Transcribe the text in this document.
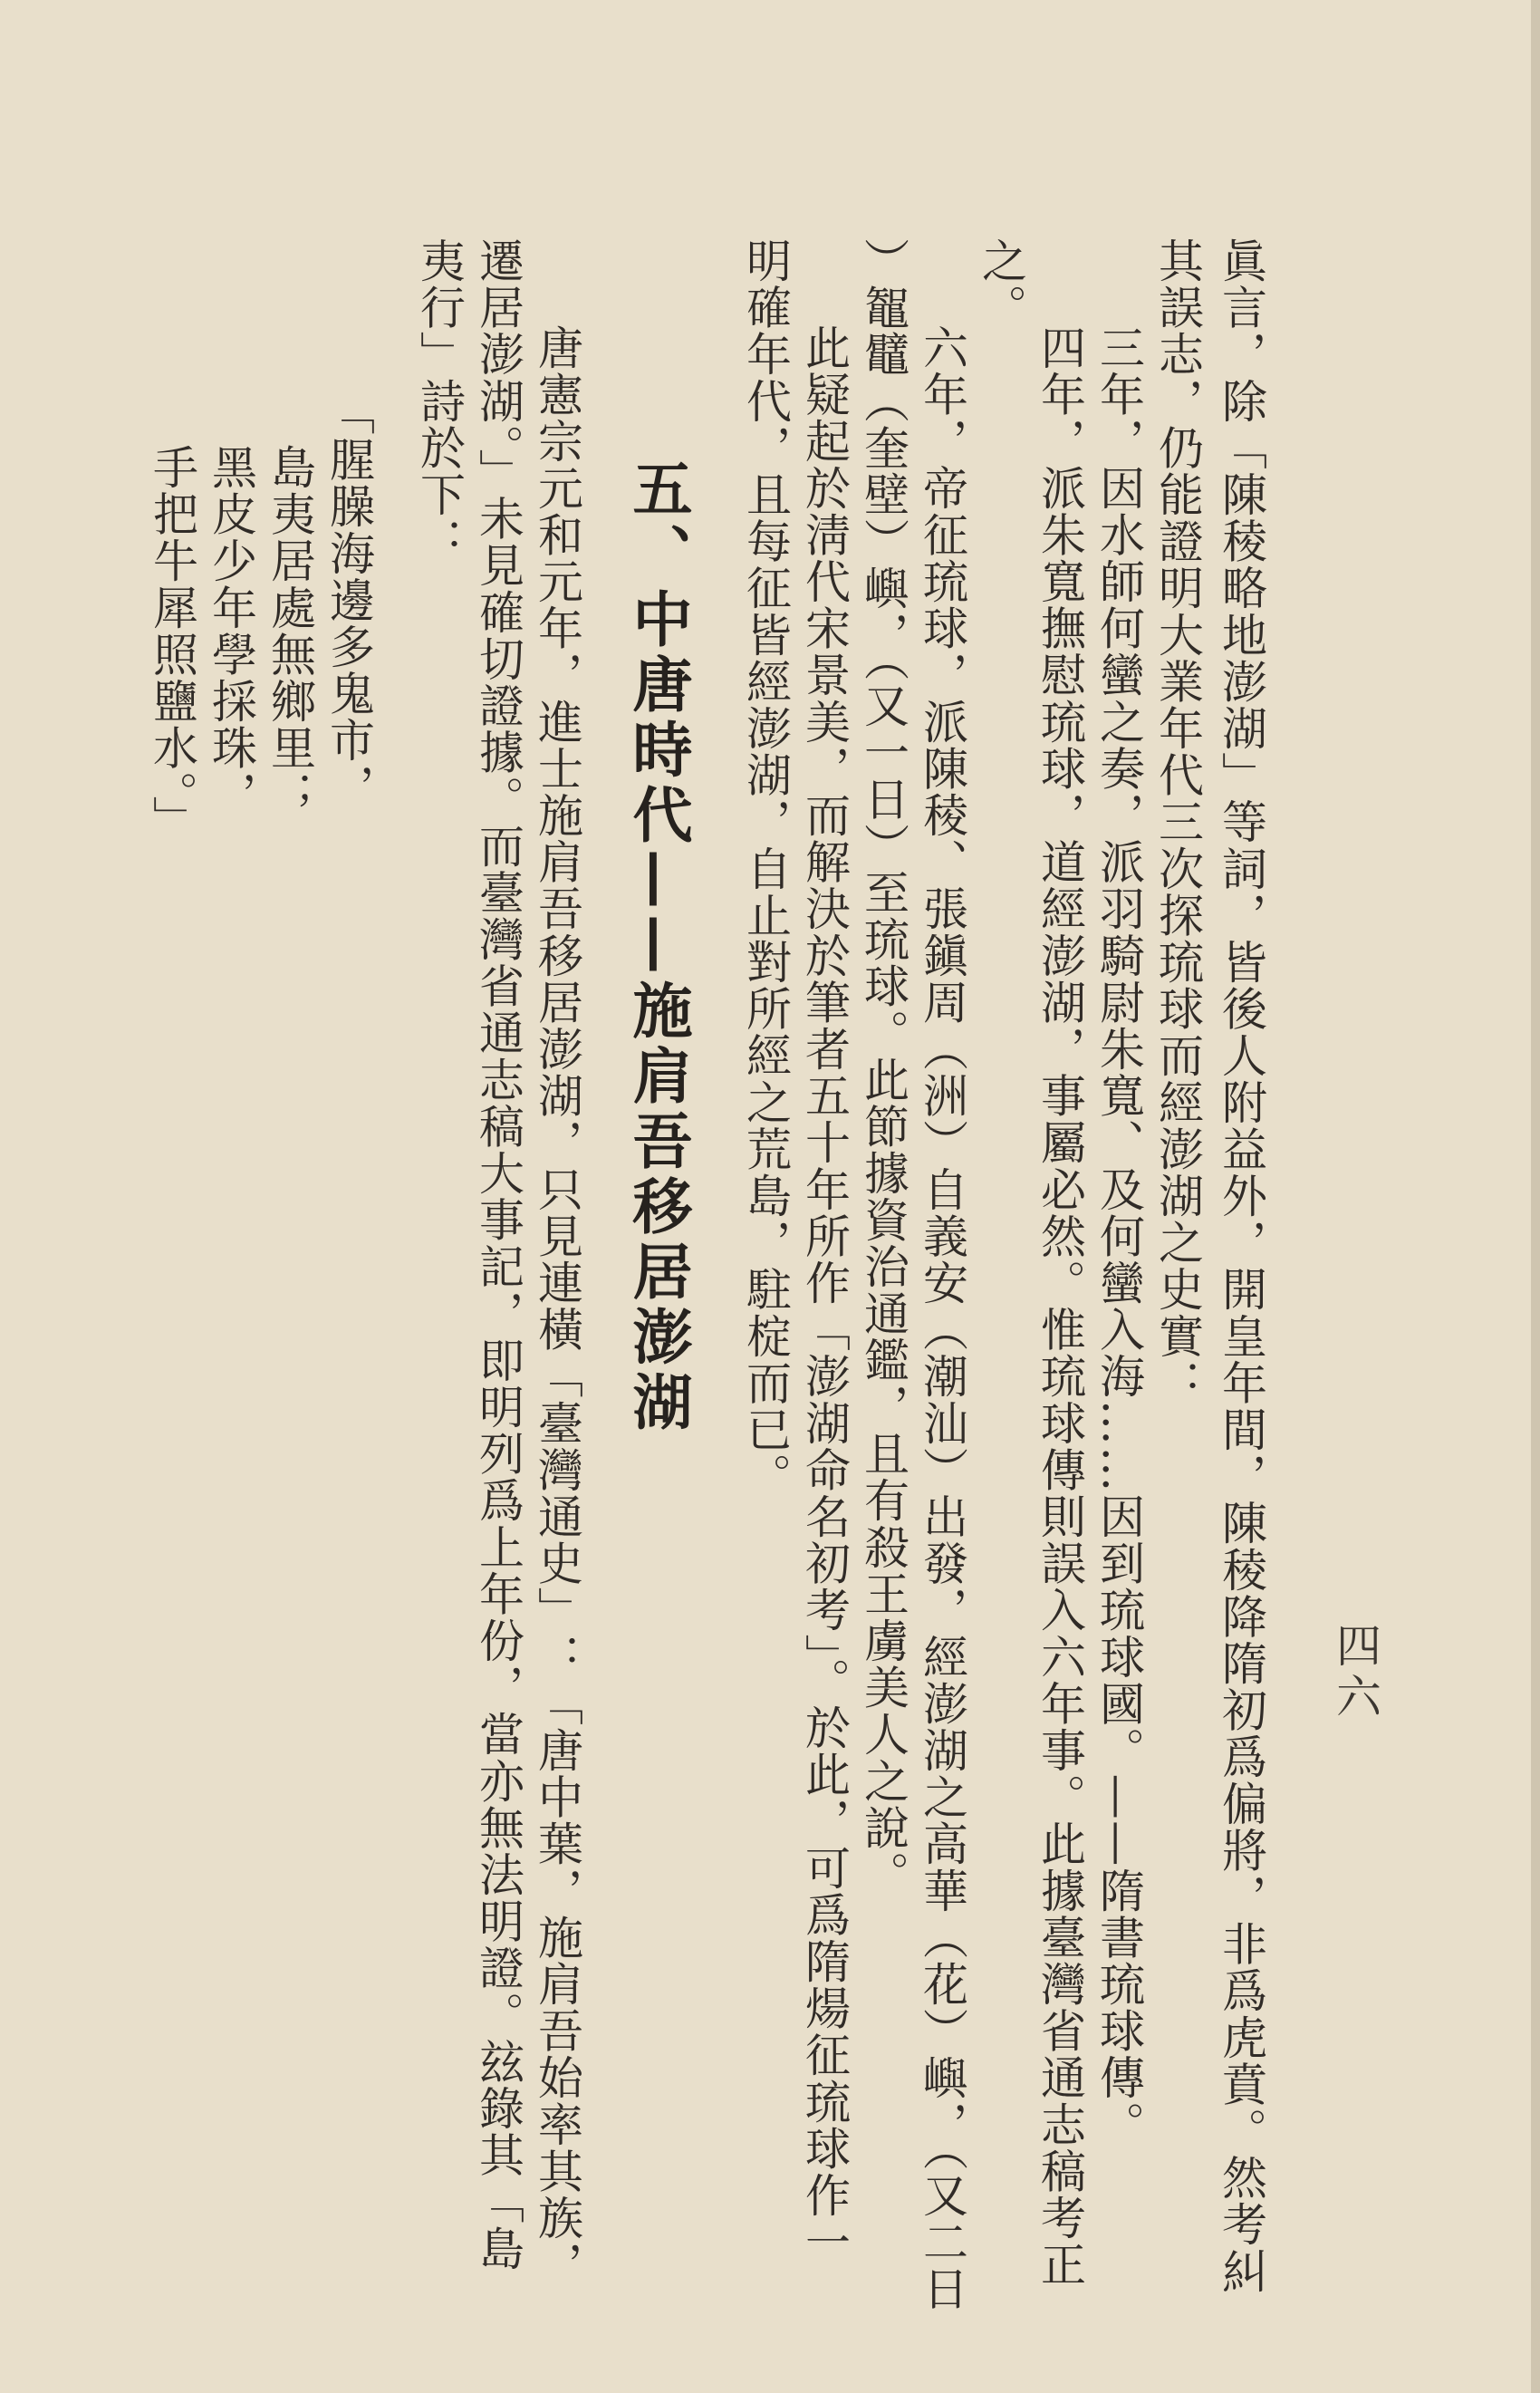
四六
眞言，除「陳稜略地澎湖」等詞，皆後人附益外，開皇年間，陳稜降隋初爲偏將，非爲虎賁。然考糾
其誤志，仍能證明大業年代三次探琉球而經澎湖之史實：
三年，因水師何蠻之奏，派羽騎尉朱寬、及何蠻入海……因到琉球國。——隋書琉球傳。
四年，派朱寬撫慰琉球，道經澎湖，事屬必然。惟琉球傳則誤入六年事。此據臺灣省通志稿考正
之。
六年，帝征琉球，派陳稜、張鎭周（洲）自義安（潮汕）出發，經澎湖之高華（花）嶼，（又二日
）鼅鼊（奎壁）嶼，（又一日）至琉球。此節據資治通鑑，且有殺王虜美人之說。
此疑起於淸代宋景美，而解決於筆者五十年所作「澎湖命名初考」。於此，可爲隋煬征琉球作一
明確年代，且每征皆經澎湖，自止對所經之荒島，駐椗而已。
五、中唐時代——施肩吾移居澎湖
唐憲宗元和元年，進士施肩吾移居澎湖，只見連橫「臺灣通史」：「唐中葉，施肩吾始率其族，
遷居澎湖。」未見確切證據。而臺灣省通志稿大事記，即明列爲上年份，當亦無法明證。玆錄其「島
夷行」詩於下：
「腥臊海邊多鬼市，
島夷居處無鄉里；
黑皮少年學採珠，
手把牛犀照鹽水。」
